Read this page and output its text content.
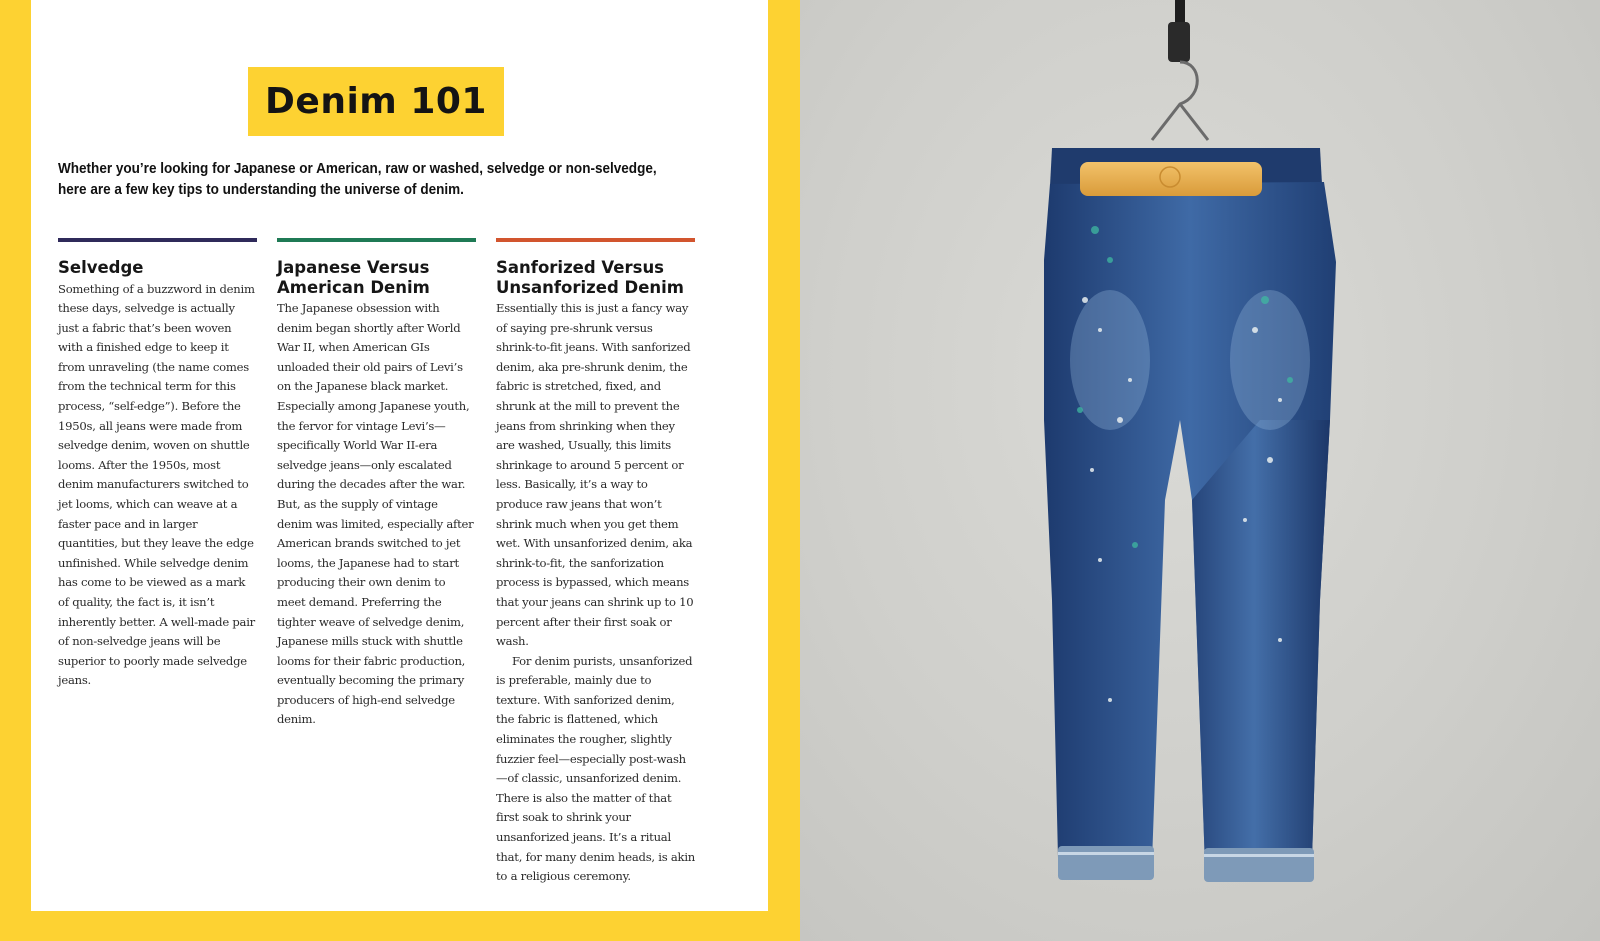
Denim 101
Whether you’re looking for Japanese or American, raw or washed, selvedge or non-selvedge, here are a few key tips to understanding the universe of denim.
Selvedge

Something of a buzzword in denim these days, selvedge is actually just a fabric that’s been woven with a finished edge to keep it from unraveling (the name comes from the technical term for this process, “self-edge”). Before the 1950s, all jeans were made from selvedge denim, woven on shuttle looms. After the 1950s, most denim manufacturers switched to jet looms, which can weave at a faster pace and in larger quantities, but they leave the edge unfinished. While selvedge denim has come to be viewed as a mark of quality, the fact is, it isn’t inherently better. A well-made pair of non-selvedge jeans will be superior to poorly made selvedge jeans.

Japanese Versus American Denim

The Japanese obsession with denim began shortly after World War II, when American GIs unloaded their old pairs of Levi’s on the Japanese black market. Especially among Japanese youth, the fervor for vintage Levi’s—specifically World War II-era selvedge jeans—only escalated during the decades after the war. But, as the supply of vintage denim was limited, especially after American brands switched to jet looms, the Japanese had to start producing their own denim to meet demand. Preferring the tighter weave of selvedge denim, Japanese mills stuck with shuttle looms for their fabric production, eventually becoming the primary producers of high-end selvedge denim.

Sanforized Versus Unsanforized Denim

Essentially this is just a fancy way of saying pre-shrunk versus shrink-to-fit jeans. With sanforized denim, aka pre-shrunk denim, the fabric is stretched, fixed, and shrunk at the mill to prevent the jeans from shrinking when they are washed, Usually, this limits shrinkage to around 5 percent or less. Basically, it’s a way to produce raw jeans that won’t shrink much when you get them wet. With unsanforized denim, aka shrink-to-fit, the sanforization process is bypassed, which means that your jeans can shrink up to 10 percent after their first soak or wash.

For denim purists, unsanforized is preferable, mainly due to texture. With sanforized denim, the fabric is flattened, which eliminates the rougher, slightly fuzzier feel—especially post-wash—of classic, unsanforized denim. There is also the matter of that first soak to shrink your unsanforized jeans. It’s a ritual that, for many denim heads, is akin to a religious ceremony.
